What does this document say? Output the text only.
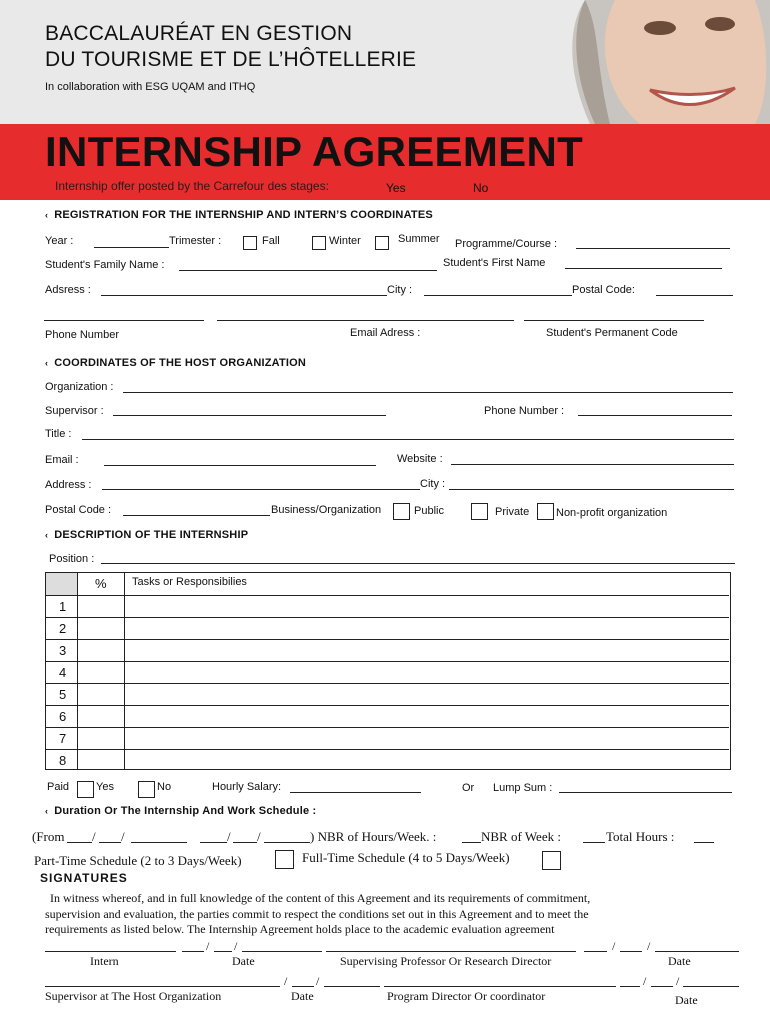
BACCALAURÉAT EN GESTION
DU TOURISME ET DE L’HÔTELLERIE
In collaboration with ESG UQAM and ITHQ
INTERNSHIP AGREEMENT
Internship offer posted by the Carrefour des stages:	Yes	No
‹ REGISTRATION FOR THE INTERNSHIP AND INTERN’S COORDINATES
Year :	Trimester :	Fall	Winter	Summer Programme/Course :
Student's Family Name :	Student's First Name
Adsress :	City :	Postal Code:
Phone Number	Email Adress :	Student's Permanent Code
‹ COORDINATES OF THE HOST ORGANIZATION
Organization :
Supervisor :	Phone Number :
Title :
Email :	Website :
Address :	City :
Postal Code :	Business/Organization	Public	Private Non-profit organization
‹ DESCRIPTION OF THE INTERNSHIP
Position :
% Tasks or Responsibilies
1
2
3
4
5
6
7
8
Paid Yes	No	Hourly Salary:	Or Lump Sum :
‹ Duration Or The Internship And Work Schedule :
(From / /	/ /	) NBR of Hours/Week. :	NBR of Week :	Total Hours :
Part-Time Schedule (2 to 3 Days/Week)	Full-Time Schedule (4 to 5 Days/Week)
SIGNATURES
In witness whereof, and in full knowledge of the content of this Agreement and its requirements of commitment,
supervision and evaluation, the parties commit to respect the conditions set out in this Agreement and to meet the
requirements as listed below. The Internship Agreement holds place to the academic evaluation agreement
/ /	/	/
Intern	Date	Supervising Professor Or Research Director	Date
/ /	/ /
Supervisor at The Host Organization	Date	Program Director Or coordinator	Date
